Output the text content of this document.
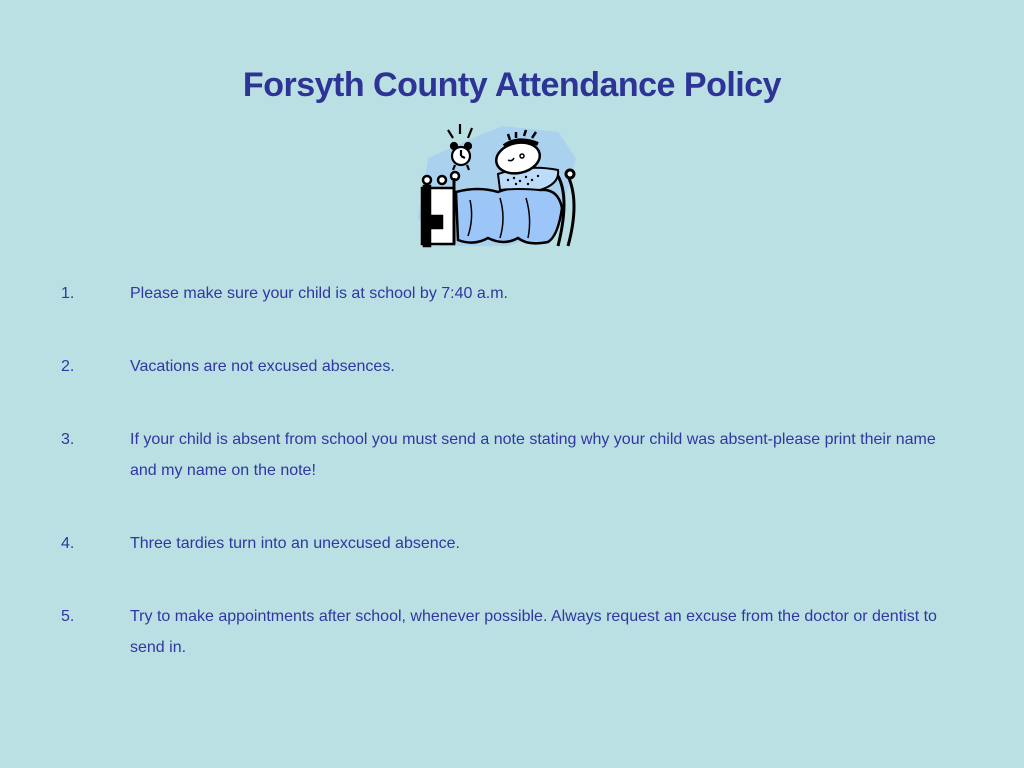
Forsyth County Attendance Policy
1.	Please make sure your child is at school by 7:40 a.m.
2.	Vacations are not excused absences.
3.	If your child is absent from school you must send a note stating why your child was absent-please print their name and my name on the note!
4.	Three tardies turn into an unexcused absence.
5.	Try to make appointments after school, whenever possible. Always request an excuse from the doctor or dentist to send in.
